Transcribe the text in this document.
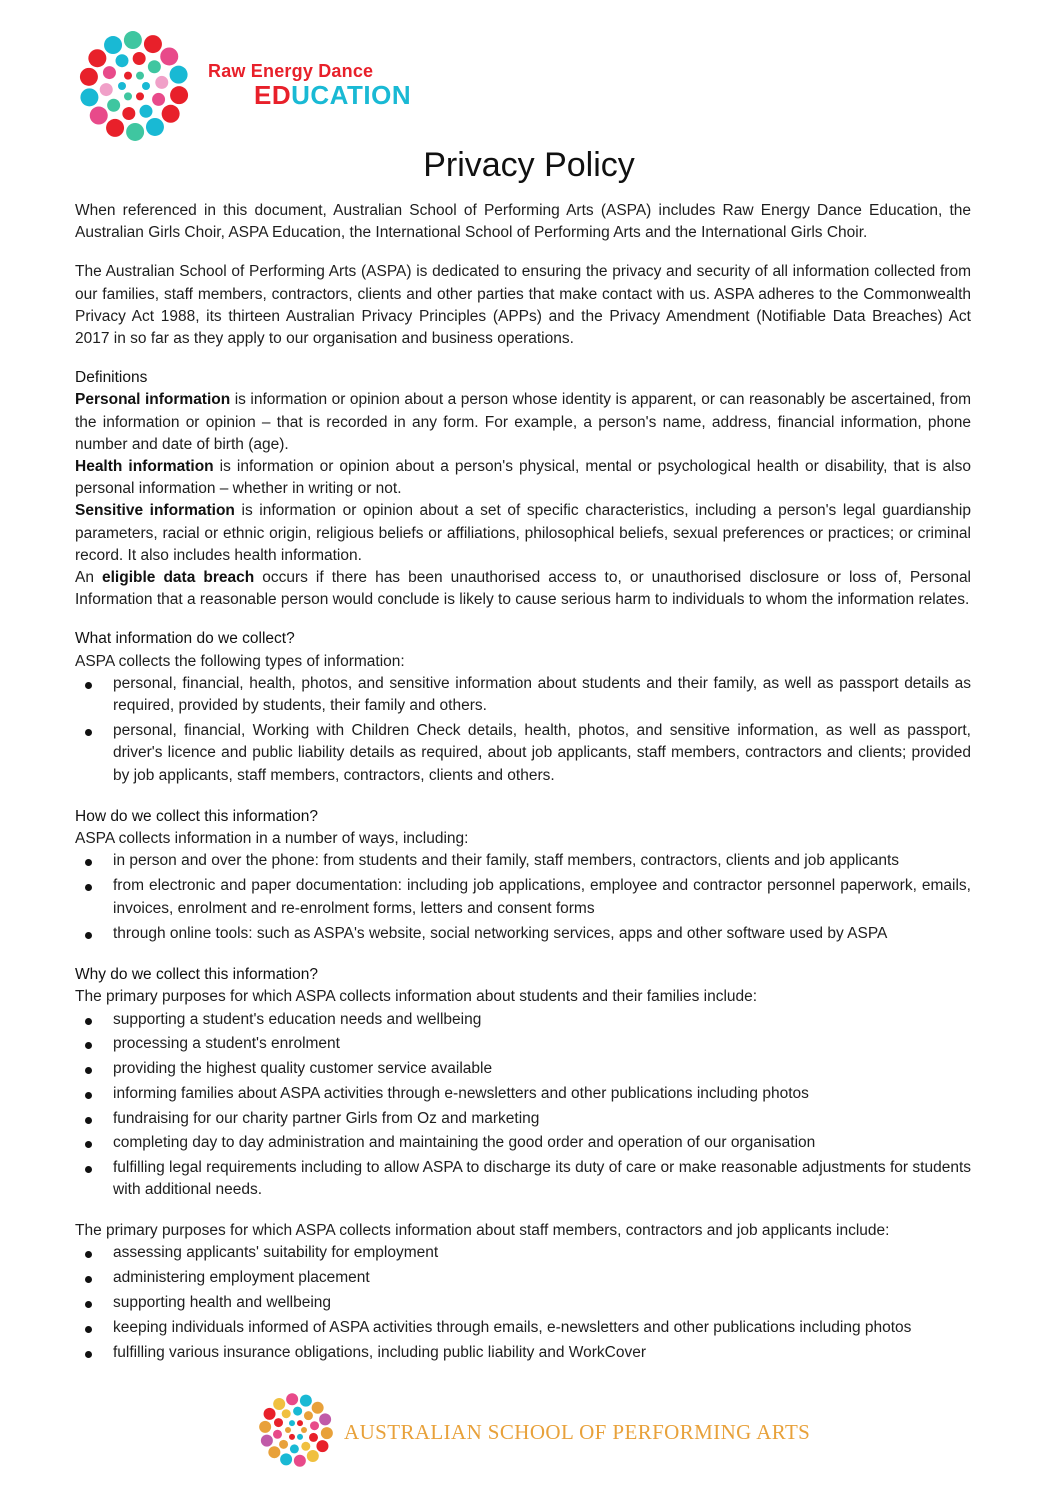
Raw Energy Dance
EDUCATION
Privacy Policy

When referenced in this document, Australian School of Performing Arts (ASPA) includes Raw Energy Dance Education, the Australian Girls Choir, ASPA Education, the International School of Performing Arts and the International Girls Choir.

The Australian School of Performing Arts (ASPA) is dedicated to ensuring the privacy and security of all information collected from our families, staff members, contractors, clients and other parties that make contact with us. ASPA adheres to the Commonwealth Privacy Act 1988, its thirteen Australian Privacy Principles (APPs) and the Privacy Amendment (Notifiable Data Breaches) Act 2017 in so far as they apply to our organisation and business operations.

Definitions

Personal information is information or opinion about a person whose identity is apparent, or can reasonably be ascertained, from the information or opinion – that is recorded in any form. For example, a person's name, address, financial information, phone number and date of birth (age).

Health information is information or opinion about a person's physical, mental or psychological health or disability, that is also personal information – whether in writing or not.

Sensitive information is information or opinion about a set of specific characteristics, including a person's legal guardianship parameters, racial or ethnic origin, religious beliefs or affiliations, philosophical beliefs, sexual preferences or practices; or criminal record. It also includes health information.

An eligible data breach occurs if there has been unauthorised access to, or unauthorised disclosure or loss of, Personal Information that a reasonable person would conclude is likely to cause serious harm to individuals to whom the information relates.

What information do we collect?

ASPA collects the following types of information:

personal, financial, health, photos, and sensitive information about students and their family, as well as passport details as required, provided by students, their family and others.
personal, financial, Working with Children Check details, health, photos, and sensitive information, as well as passport, driver's licence and public liability details as required, about job applicants, staff members, contractors and clients; provided by job applicants, staff members, contractors, clients and others.

How do we collect this information?

ASPA collects information in a number of ways, including:

in person and over the phone: from students and their family, staff members, contractors, clients and job applicants
from electronic and paper documentation: including job applications, employee and contractor personnel paperwork, emails, invoices, enrolment and re-enrolment forms, letters and consent forms
through online tools: such as ASPA's website, social networking services, apps and other software used by ASPA

Why do we collect this information?

The primary purposes for which ASPA collects information about students and their families include:

supporting a student's education needs and wellbeing
processing a student's enrolment
providing the highest quality customer service available
informing families about ASPA activities through e-newsletters and other publications including photos
fundraising for our charity partner Girls from Oz and marketing
completing day to day administration and maintaining the good order and operation of our organisation
fulfilling legal requirements including to allow ASPA to discharge its duty of care or make reasonable adjustments for students with additional needs.

The primary purposes for which ASPA collects information about staff members, contractors and job applicants include:

assessing applicants' suitability for employment
administering employment placement
supporting health and wellbeing
keeping individuals informed of ASPA activities through emails, e-newsletters and other publications including photos
fulfilling various insurance obligations, including public liability and WorkCover
AUSTRALIAN SCHOOL OF PERFORMING ARTS
